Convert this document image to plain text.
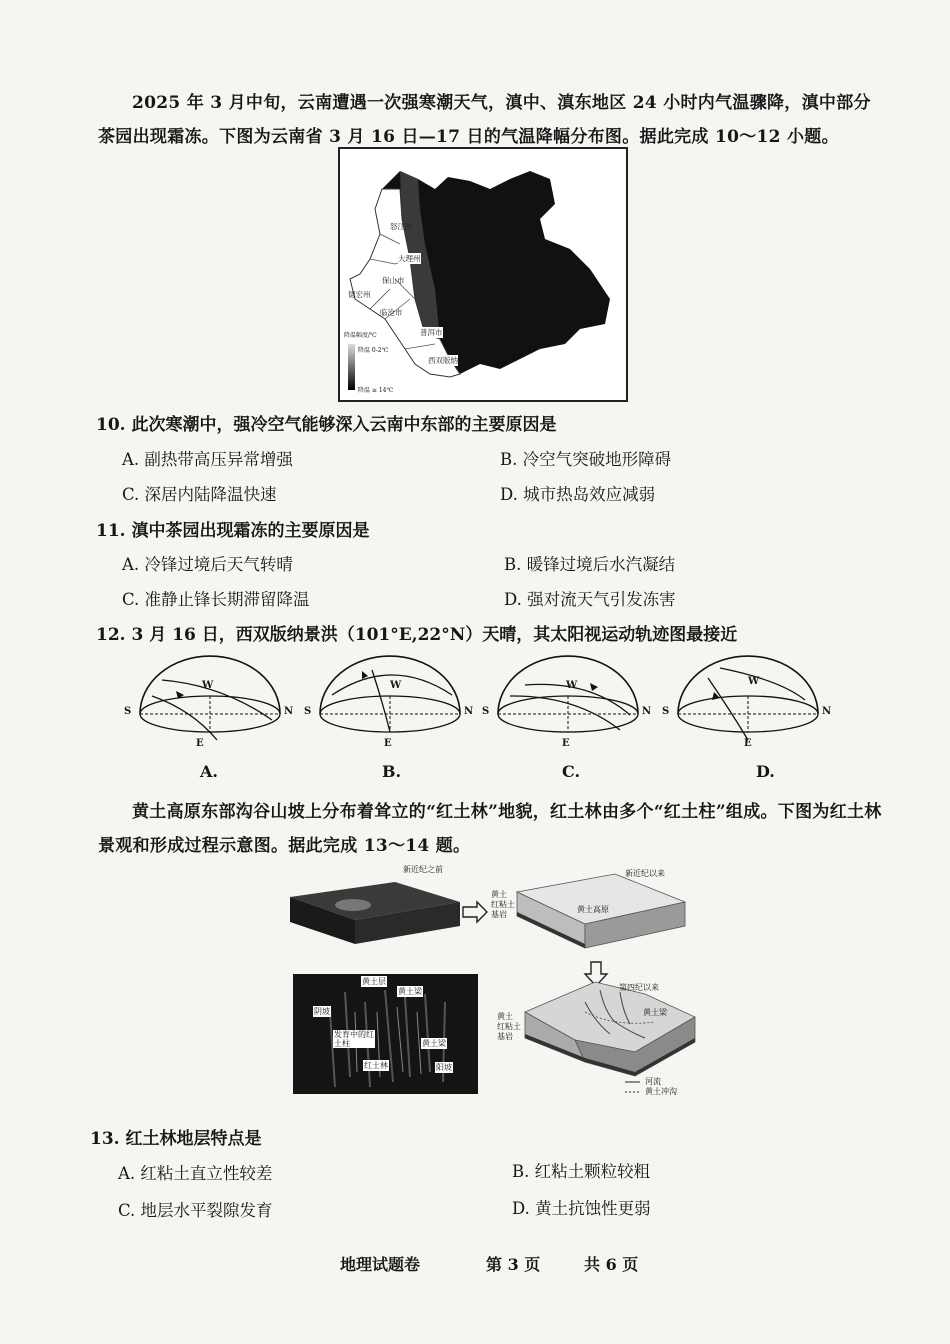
2025 年 3 月中旬，云南遭遇一次强寒潮天气，滇中、滇东地区 24 小时内气温骤降，滇中部分茶园出现霜冻。下图为云南省 3 月 16 日—17 日的气温降幅分布图。据此完成 10～12 小题。
降温幅度/℃
降温 0-2℃
降温 ≥ 14℃
怒江州
大理州
保山市
德宏州
临沧市
普洱市
西双版纳
10. 此次寒潮中，强冷空气能够深入云南中东部的主要原因是
A. 副热带高压异常增强	B. 冷空气突破地形障碍
C. 深居内陆降温快速	D. 城市热岛效应减弱
11. 滇中茶园出现霜冻的主要原因是
A. 冷锋过境后天气转晴	B. 暖锋过境后水汽凝结
C. 准静止锋长期滞留降温	D. 强对流天气引发冻害
12. 3 月 16 日，西双版纳景洪（101°E,22°N）天晴，其太阳视运动轨迹图最接近
S	N
W
E
A.
S	N
W
E
B.
S	N
W
E
C.
S	N
W
E
D.
黄土高原东部沟谷山坡上分布着耸立的“红土林”地貌，红土林由多个“红土柱”组成。下图为红土林景观和形成过程示意图。据此完成 13～14 题。
新近纪之前	新近纪以来
黄土高原
黄土
红粘土
基岩
第四纪以来
黄土梁
黄土
红粘土
基岩
河流
黄土冲沟
黄土层
黄土梁
阴坡
发育中的红土柱	黄土梁
红土林	阳坡
13. 红土林地层特点是
A. 红粘土直立性较差	B. 红粘土颗粒较粗
C. 地层水平裂隙发育	D. 黄土抗蚀性更弱
地理试题卷	第 3 页	共 6 页
